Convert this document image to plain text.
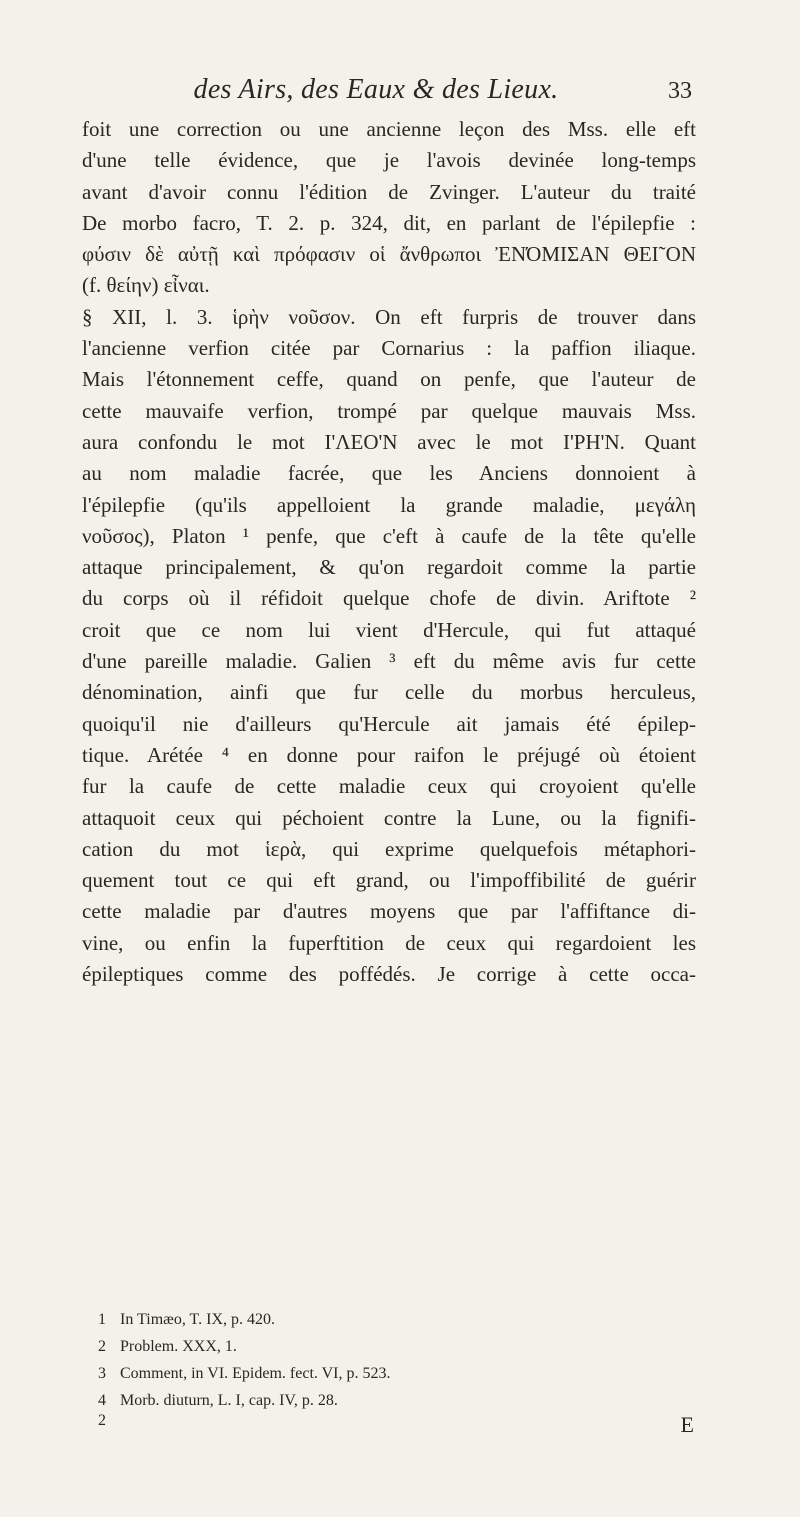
des Airs, des Eaux & des Lieux.	33
foit une correction ou une ancienne leçon des Mss. elle eft
d'une telle évidence, que je l'avois devinée long-temps
avant d'avoir connu l'édition de Zvinger. L'auteur du traité
De morbo facro, T. 2. p. 324, dit, en parlant de l'épilepfie :
φύσιν δὲ αὐτῇ καὶ πρόφασιν οἱ ἄνθρωποι ἘΝΌΜΙΣΑΝ ΘΕΙ῀ΟΝ
(f. θείην) εἶναι.
§ XII, l. 3. ἱρὴν νοῦσον. On eft furpris de trouver dans
l'ancienne verfion citée par Cornarius : la paffion iliaque.
Mais l'étonnement ceffe, quand on penfe, que l'auteur de
cette mauvaife verfion, trompé par quelque mauvais Mss.
aura confondu le mot Ι'ΛΕΟ'Ν avec le mot Ι'ΡΗ'Ν. Quant
au nom maladie facrée, que les Anciens donnoient à
l'épilepfie (qu'ils appelloient la grande maladie, μεγάλη
νοῦσος), Platon ¹ penfe, que c'eft à caufe de la tête qu'elle
attaque principalement, & qu'on regardoit comme la partie
du corps où il réfidoit quelque chofe de divin. Ariftote ²
croit que ce nom lui vient d'Hercule, qui fut attaqué
d'une pareille maladie. Galien ³ eft du même avis fur cette
dénomination, ainfi que fur celle du morbus herculeus,
quoiqu'il nie d'ailleurs qu'Hercule ait jamais été épilep-
tique. Arétée ⁴ en donne pour raifon le préjugé où étoient
fur la caufe de cette maladie ceux qui croyoient qu'elle
attaquoit ceux qui péchoient contre la Lune, ou la fignifi-
cation du mot ἱερὰ, qui exprime quelquefois métaphori-
quement tout ce qui eft grand, ou l'impoffibilité de guérir
cette maladie par d'autres moyens que par l'affiftance di-
vine, ou enfin la fuperftition de ceux qui regardoient les
épileptiques comme des poffédés. Je corrige à cette occa-
1 In Timæo, T. IX, p. 420.
2 Problem. XXX, 1.
3 Comment, in VI. Epidem. fect. VI, p. 523.
4 Morb. diuturn, L. I, cap. IV, p. 28.
2	E
